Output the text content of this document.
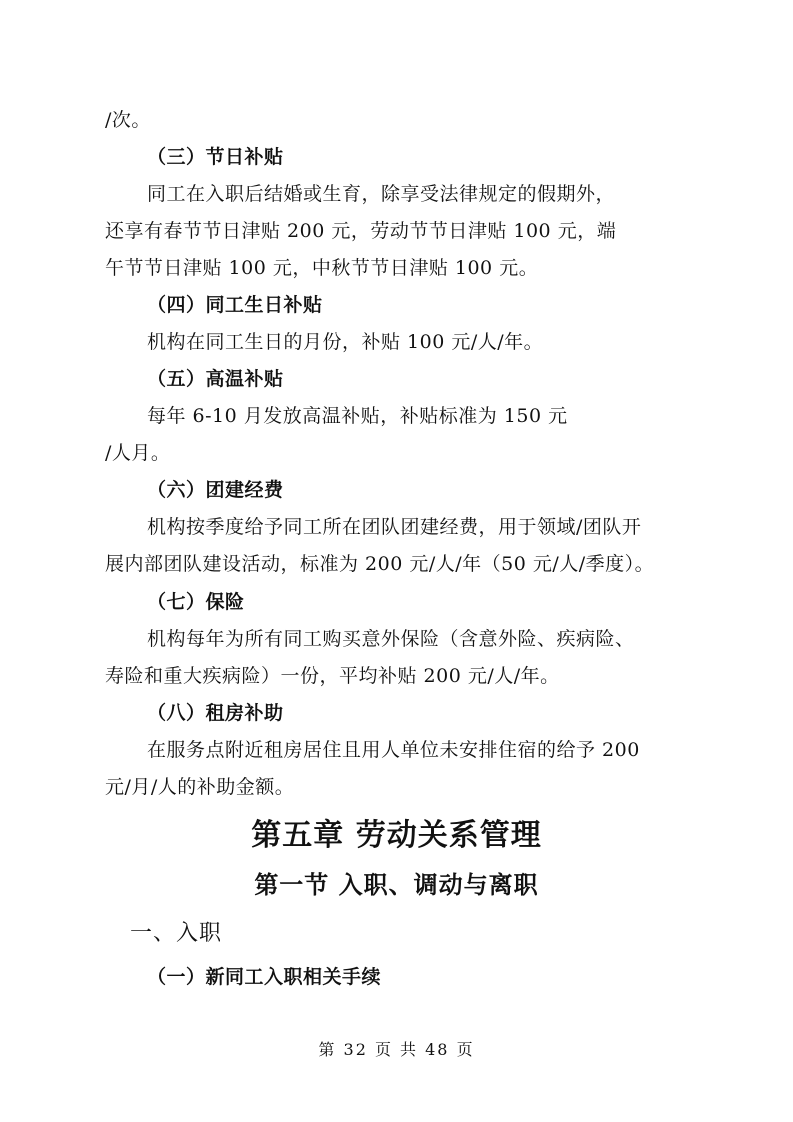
/次。
（三）节日补贴
同工在入职后结婚或生育，除享受法律规定的假期外，
还享有春节节日津贴 200 元，劳动节节日津贴 100 元，端
午节节日津贴 100 元，中秋节节日津贴 100 元。
（四）同工生日补贴
机构在同工生日的月份，补贴 100 元/人/年。
（五）高温补贴
每年 6-10 月发放高温补贴，补贴标准为 150 元
/人月。
（六）团建经费
机构按季度给予同工所在团队团建经费，用于领域/团队开
展内部团队建设活动，标准为 200 元/人/年（50 元/人/季度）。
（七）保险
机构每年为所有同工购买意外保险（含意外险、疾病险、
寿险和重大疾病险）一份，平均补贴 200 元/人/年。
（八）租房补助
在服务点附近租房居住且用人单位未安排住宿的给予 200
元/月/人的补助金额。
第五章 劳动关系管理
第一节 入职、调动与离职
一、入职
（一）新同工入职相关手续
第 32 页 共 48 页
